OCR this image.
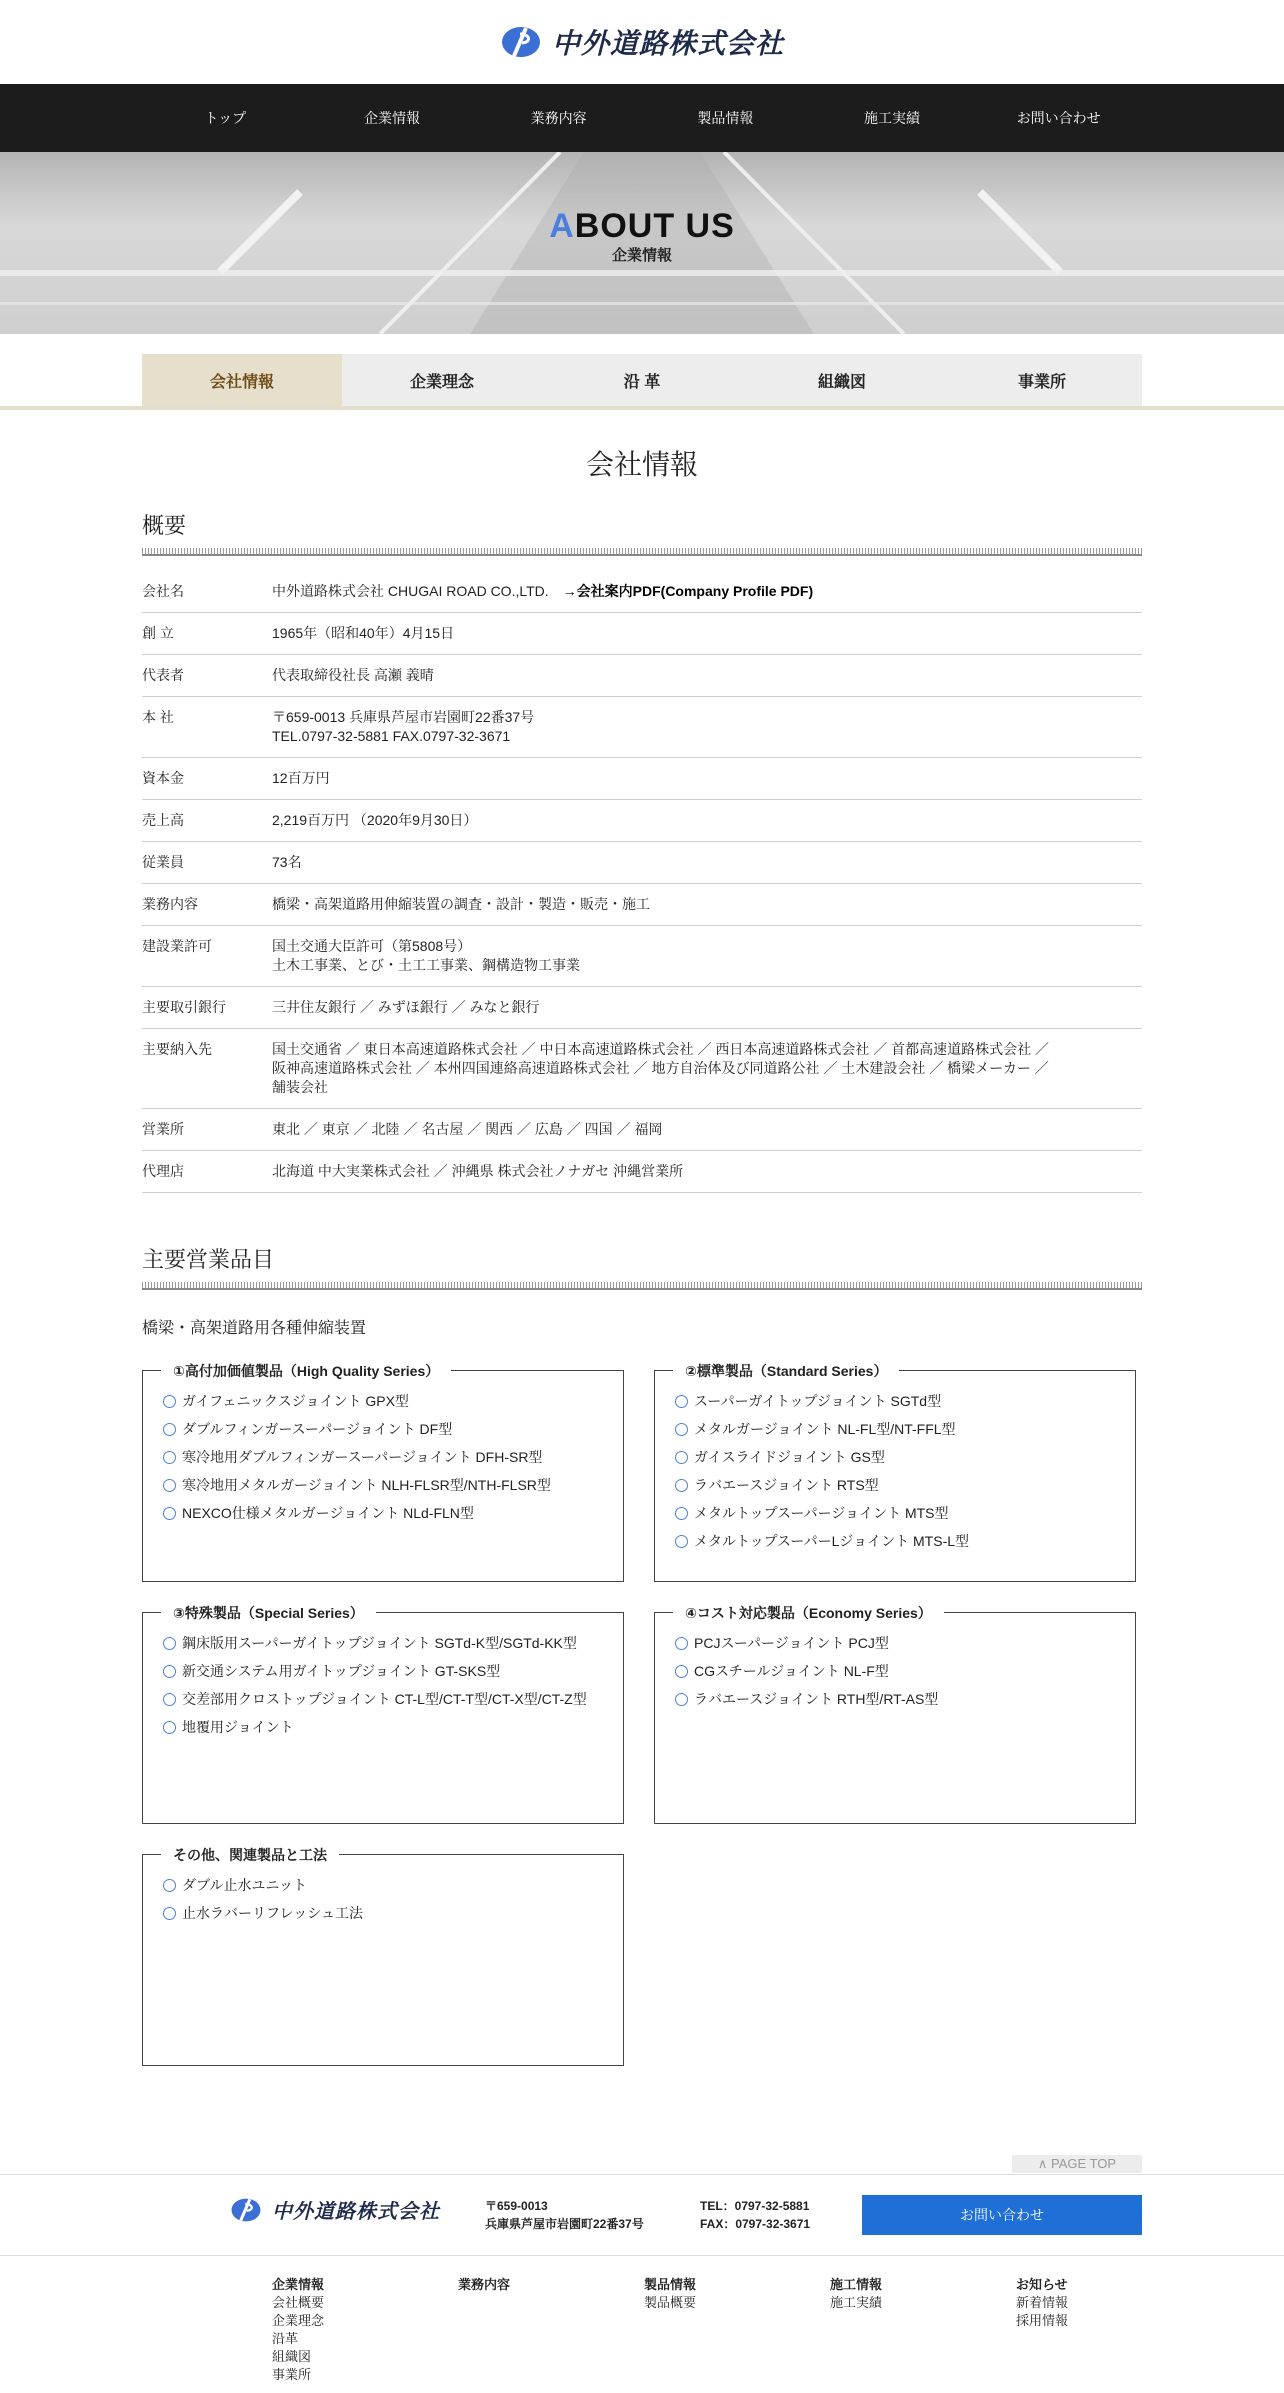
中外道路株式会社
トップ	企業情報	業務内容	製品情報	施工実績	お問い合わせ
ABOUT US
企業情報
会社情報	企業理念	沿 革	組織図	事業所
会社情報
概要
会社名	中外道路株式会社 CHUGAI ROAD CO.,LTD. →会社案内PDF(Company Profile PDF)
創 立	1965年（昭和40年）4月15日
代表者	代表取締役社長 高瀬 義晴
本 社	〒659-0013 兵庫県芦屋市岩園町22番37号
TEL.0797-32-5881 FAX.0797-32-3671
資本金	12百万円
売上高	2,219百万円 （2020年9月30日）
従業員	73名
業務内容	橋梁・高架道路用伸縮装置の調査・設計・製造・販売・施工
建設業許可	国土交通大臣許可（第5808号）
土木工事業、とび・土工工事業、鋼構造物工事業
主要取引銀行	三井住友銀行 ／ みずほ銀行 ／ みなと銀行
主要納入先	国土交通省 ／ 東日本高速道路株式会社 ／ 中日本高速道路株式会社 ／ 西日本高速道路株式会社 ／ 首都高速道路株式会社 ／
阪神高速道路株式会社 ／ 本州四国連絡高速道路株式会社 ／ 地方自治体及び同道路公社 ／ 土木建設会社 ／ 橋梁メーカー ／
舗装会社
営業所	東北 ／ 東京 ／ 北陸 ／ 名古屋 ／ 関西 ／ 広島 ／ 四国 ／ 福岡
代理店	北海道 中大実業株式会社 ／ 沖縄県 株式会社ノナガセ 沖縄営業所
主要営業品目
橋梁・高架道路用各種伸縮装置
①高付加価値製品（High Quality Series）
ガイフェニックスジョイント GPX型
ダブルフィンガースーパージョイント DF型
寒冷地用ダブルフィンガースーパージョイント DFH-SR型
寒冷地用メタルガージョイント NLH-FLSR型/NTH-FLSR型
NEXCO仕様メタルガージョイント NLd-FLN型
②標準製品（Standard Series）
スーパーガイトップジョイント SGTd型
メタルガージョイント NL-FL型/NT-FFL型
ガイスライドジョイント GS型
ラバエースジョイント RTS型
メタルトップスーパージョイント MTS型
メタルトップスーパーLジョイント MTS-L型
③特殊製品（Special Series）
鋼床版用スーパーガイトップジョイント SGTd-K型/SGTd-KK型
新交通システム用ガイトップジョイント GT-SKS型
交差部用クロストップジョイント CT-L型/CT-T型/CT-X型/CT-Z型
地覆用ジョイント
④コスト対応製品（Economy Series）
PCJスーパージョイント PCJ型
CGスチールジョイント NL-F型
ラバエースジョイント RTH型/RT-AS型
その他、関連製品と工法
ダブル止水ユニット
止水ラバーリフレッシュ工法
∧ PAGE TOP
中外道路株式会社	〒659-0013
兵庫県芦屋市岩園町22番37号
TEL：0797-32-5881
FAX：0797-32-3671
お問い合わせ
企業情報
会社概要
企業理念
沿革
組織図
事業所
業務内容	製品情報
製品概要
施工情報
施工実績
お知らせ
新着情報
採用情報
